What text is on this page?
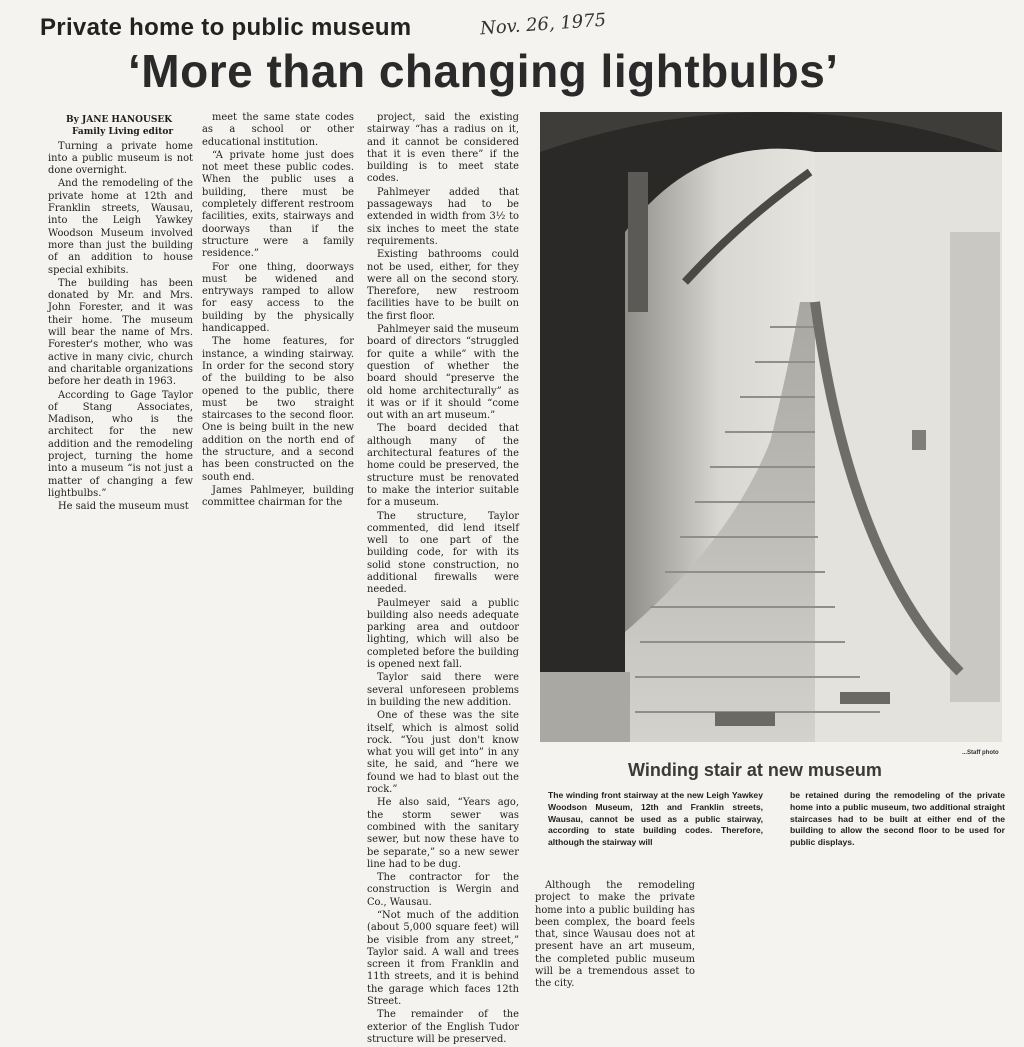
Private home to public museum	Nov. 26, 1975
‘More than changing lightbulbs’

By JANE HANOUSEK

Family Living editor

Turning a private home into a public museum is not done overnight.

And the remodeling of the private home at 12th and Franklin streets, Wausau, into the Leigh Yawkey Woodson Museum involved more than just the building of an addition to house special exhibits.

The building has been donated by Mr. and Mrs. John Forester, and it was their home. The museum will bear the name of Mrs. Forester's mother, who was active in many civic, church and charitable organizations before her death in 1963.

According to Gage Taylor of Stang Associates, Madison, who is the architect for the new addition and the remodeling project, turning the home into a museum “is not just a matter of changing a few lightbulbs.”

He said the museum must

meet the same state codes as a school or other educational institution.

“A private home just does not meet these public codes. When the public uses a building, there must be completely different restroom facilities, exits, stairways and doorways than if the structure were a family residence.”

For one thing, doorways must be widened and entryways ramped to allow for easy access to the building by the physically handicapped.

The home features, for instance, a winding stairway. In order for the second story of the building to be also opened to the public, there must be two straight staircases to the second floor. One is being built in the new addition on the north end of the structure, and a second has been constructed on the south end.

James Pahlmeyer, building committee chairman for the

project, said the existing stairway “has a radius on it, and it cannot be considered that it is even there” if the building is to meet state codes.

Pahlmeyer added that passageways had to be extended in width from 3½ to six inches to meet the state requirements.

Existing bathrooms could not be used, either, for they were all on the second story. Therefore, new restroom facilities have to be built on the first floor.

Pahlmeyer said the museum board of directors “struggled for quite a while” with the question of whether the board should “preserve the old home architecturally” as it was or if it should “come out with an art museum.”

The board decided that although many of the architectural features of the home could be preserved, the structure must be renovated to make the interior suitable for a museum.

The structure, Taylor commented, did lend itself well to one part of the building code, for with its solid stone construction, no additional firewalls were needed.

Paulmeyer said a public building also needs adequate parking area and outdoor lighting, which will also be completed before the building is opened next fall.

Taylor said there were several unforeseen problems in building the new addition.

One of these was the site itself, which is almost solid rock. “You just don't know what you will get into” in any site, he said, and “here we found we had to blast out the rock.”

He also said, “Years ago, the storm sewer was combined with the sanitary sewer, but now these have to be separate,” so a new sewer line had to be dug.

The contractor for the construction is Wergin and Co., Wausau.

“Not much of the addition (about 5,000 square feet) will be visible from any street,” Taylor said. A wall and trees screen it from Franklin and 11th streets, and it is behind the garage which faces 12th Street.

The remainder of the exterior of the English Tudor structure will be preserved.

...Staff photo
Winding stair at new museum
The winding front stairway at the new Leigh Yawkey Woodson Museum, 12th and Franklin streets, Wausau, cannot be used as a public stairway, according to state building codes. Therefore, although the stairway will
be retained during the remodeling of the private home into a public museum, two additional straight staircases had to be built at either end of the building to allow the second floor to be used for public displays.

Although the remodeling project to make the private home into a public building has been complex, the board feels that, since Wausau does not at present have an art museum, the completed public museum will be a tremendous asset to the city.
